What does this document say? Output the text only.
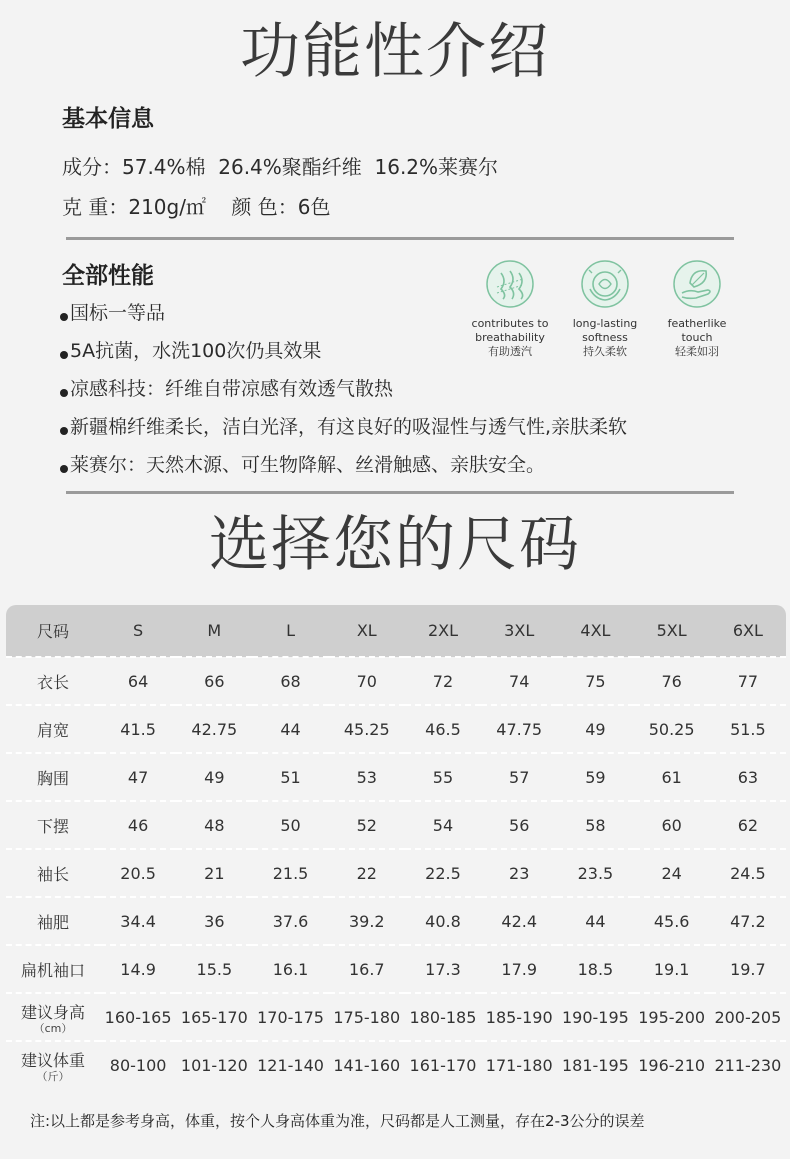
功能性介绍
基本信息
成分：57.4%棉  26.4%聚酯纤维  16.2%莱赛尔
克 重：210g/㎡    颜 色：6色
全部性能
国标一等品
5A抗菌，水洗100次仍具效果
凉感科技：纤维自带凉感有效透气散热
新疆棉纤维柔长，洁白光泽，有这良好的吸湿性与透气性,亲肤柔软
莱赛尔：天然木源、可生物降解、丝滑触感、亲肤安全。
contributes to
breathability
有助透汽
long-lasting
softness
持久柔软
featherlike
touch
轻柔如羽
选择您的尺码
尺码	S	M	L	XL	2XL	3XL	4XL	5XL	6XL
衣长	64	66	68	70	72	74	75	76	77
肩宽	41.5	42.75	44	45.25	46.5	47.75	49	50.25	51.5
胸围	47	49	51	53	55	57	59	61	63
下摆	46	48	50	52	54	56	58	60	62
袖长	20.5	21	21.5	22	22.5	23	23.5	24	24.5
袖肥	34.4	36	37.6	39.2	40.8	42.4	44	45.6	47.2
扁机袖口	14.9	15.5	16.1	16.7	17.3	17.9	18.5	19.1	19.7
建议身高
（cm）	160-165	165-170	170-175	175-180	180-185	185-190	190-195	195-200	200-205
建议体重
（斤）	80-100	101-120	121-140	141-160	161-170	171-180	181-195	196-210	211-230
注:以上都是参考身高，体重，按个人身高体重为准，尺码都是人工测量，存在2-3公分的误差
